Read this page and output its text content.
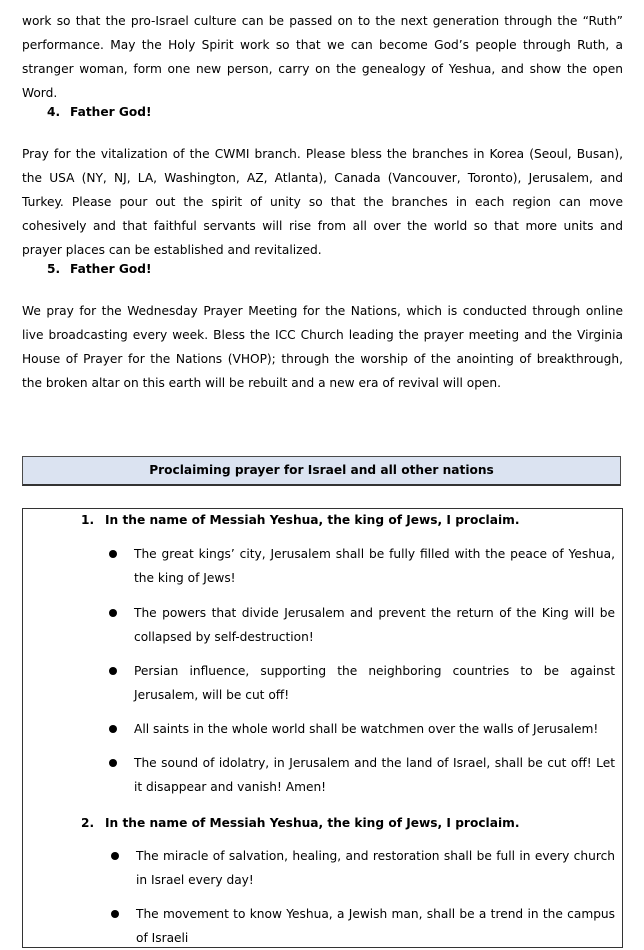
work so that the pro-Israel culture can be passed on to the next generation through the “Ruth” performance. May the Holy Spirit work so that we can become God’s people through Ruth, a stranger woman, form one new person, carry on the genealogy of Yeshua, and show the open Word.

4. Father God!

Pray for the vitalization of the CWMI branch. Please bless the branches in Korea (Seoul, Busan), the USA (NY, NJ, LA, Washington, AZ, Atlanta), Canada (Vancouver, Toronto), Jerusalem, and Turkey. Please pour out the spirit of unity so that the branches in each region can move cohesively and that faithful servants will rise from all over the world so that more units and prayer places can be established and revitalized.

5. Father God!

We pray for the Wednesday Prayer Meeting for the Nations, which is conducted through online live broadcasting every week. Bless the ICC Church leading the prayer meeting and the Virginia House of Prayer for the Nations (VHOP); through the worship of the anointing of breakthrough, the broken altar on this earth will be rebuilt and a new era of revival will open.

Proclaiming prayer for Israel and all other nations
1. In the name of Messiah Yeshua, the king of Jews, I proclaim.
The great kings’ city, Jerusalem shall be fully filled with the peace of Yeshua, the king of Jews!
The powers that divide Jerusalem and prevent the return of the King will be collapsed by self-destruction!
Persian influence, supporting the neighboring countries to be against Jerusalem, will be cut off!
All saints in the whole world shall be watchmen over the walls of Jerusalem!
The sound of idolatry, in Jerusalem and the land of Israel, shall be cut off! Let it disappear and vanish! Amen!
2. In the name of Messiah Yeshua, the king of Jews, I proclaim.
The miracle of salvation, healing, and restoration shall be full in every church in Israel every day!
The movement to know Yeshua, a Jewish man, shall be a trend in the campus of Israeli
